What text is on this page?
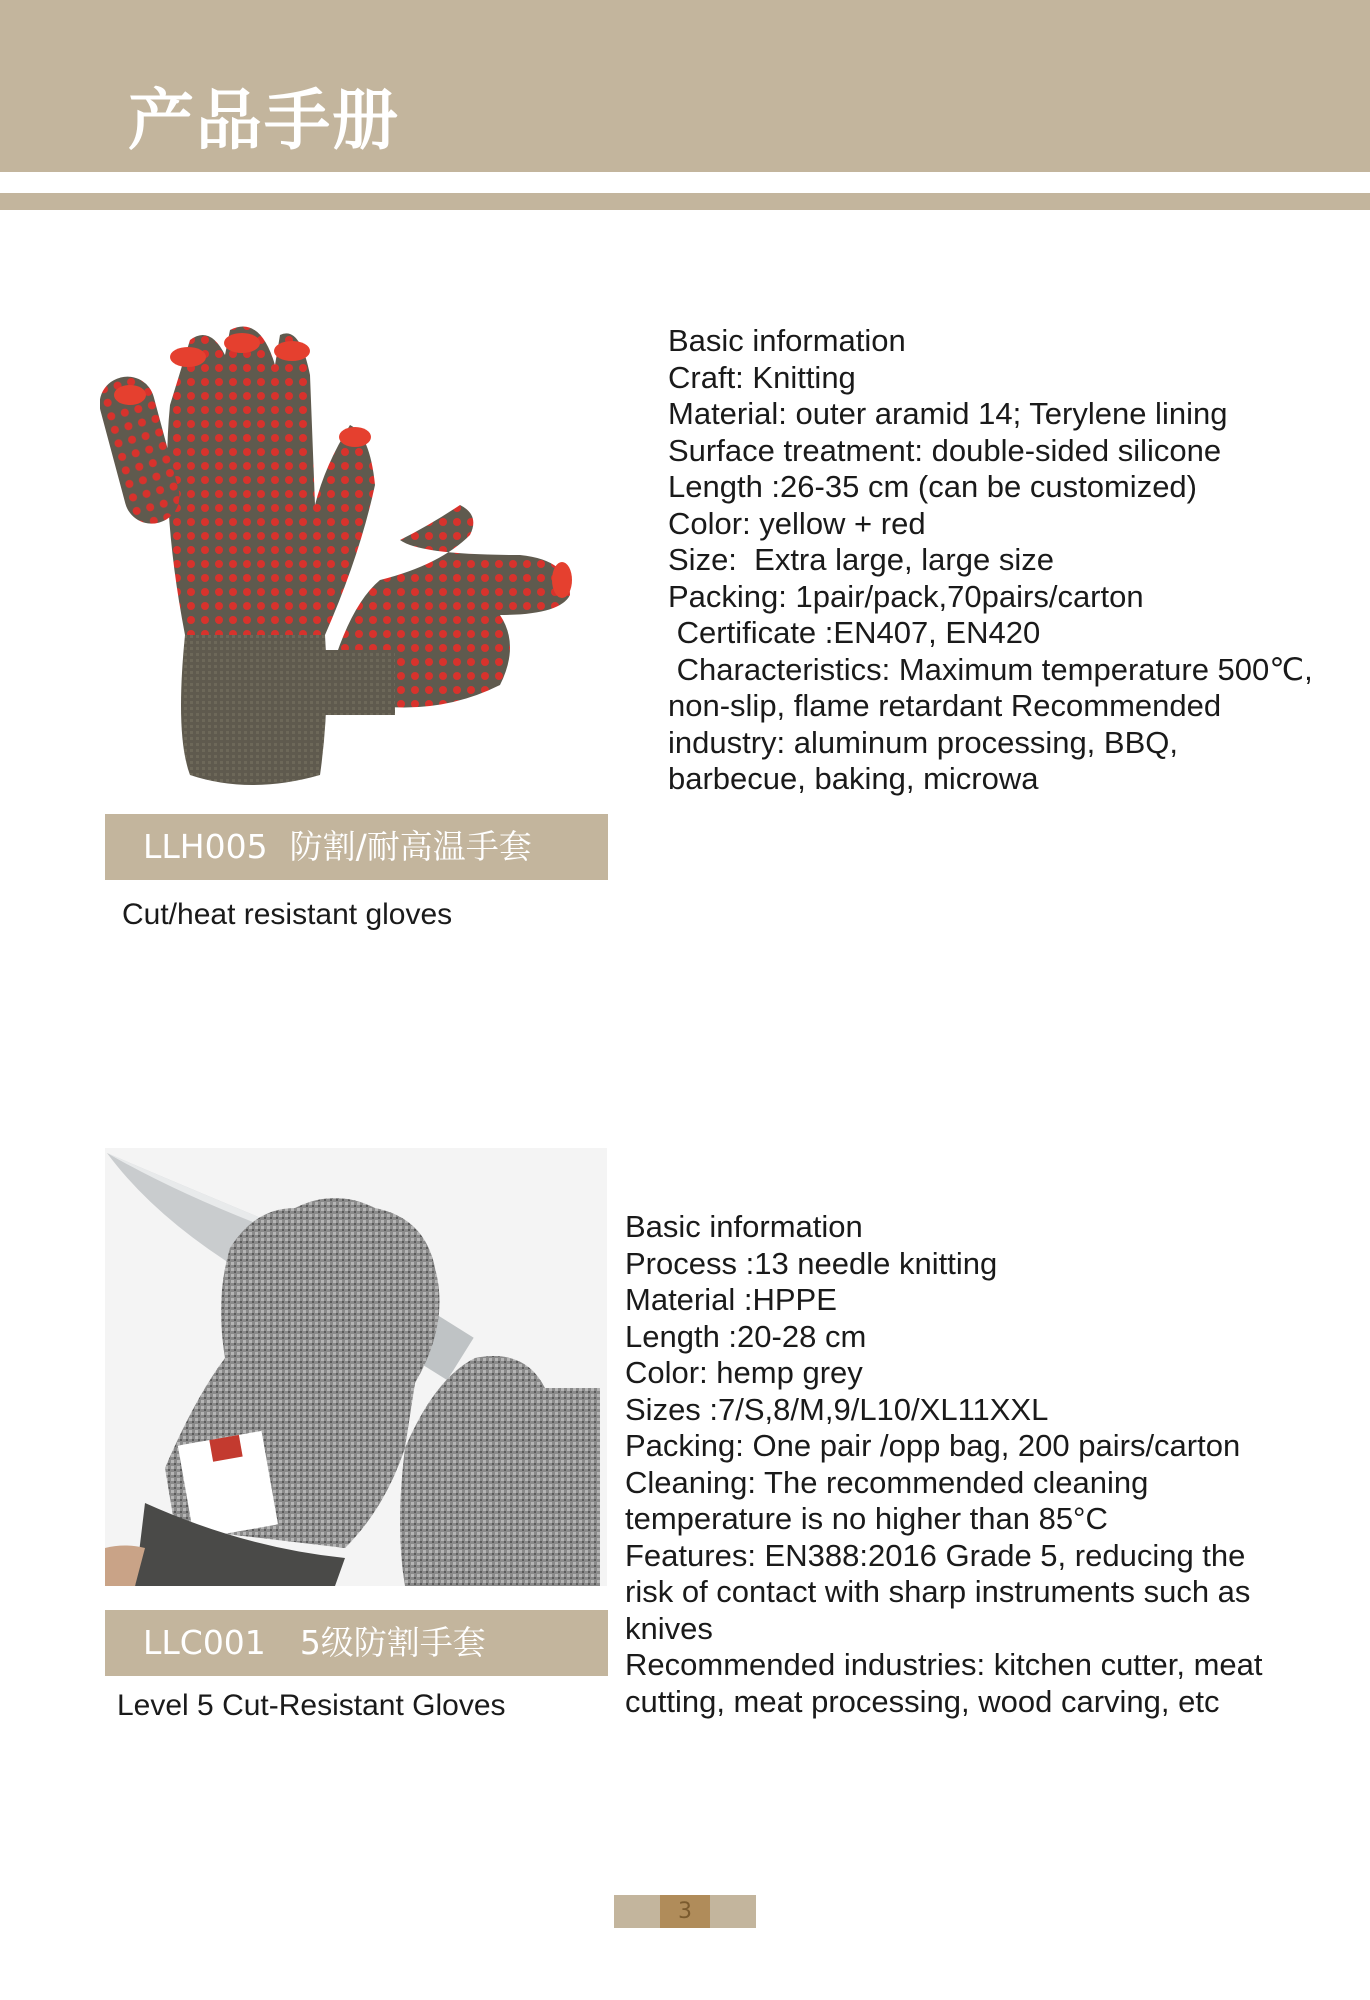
产品手册
LLH005 防割/耐高温手套
Cut/heat resistant gloves
Basic information
Craft: Knitting
Material: outer aramid 14; Terylene lining
Surface treatment: double-sided silicone
Length :26-35 cm (can be customized)
Color: yellow + red
Size:  Extra large, large size
Packing: 1pair/pack,70pairs/carton
Certificate :EN407, EN420
Characteristics: Maximum temperature 500℃,
non-slip, flame retardant Recommended
industry: aluminum processing, BBQ,
barbecue, baking, microwa
LLC001 5级防割手套
Level 5 Cut-Resistant Gloves
Basic information
Process :13 needle knitting
Material :HPPE
Length :20-28 cm
Color: hemp grey
Sizes :7/S,8/M,9/L10/XL11XXL
Packing: One pair /opp bag, 200 pairs/carton
Cleaning: The recommended cleaning
temperature is no higher than 85°C
Features: EN388:2016 Grade 5, reducing the
risk of contact with sharp instruments such as
knives
Recommended industries: kitchen cutter, meat
cutting, meat processing, wood carving, etc
3
